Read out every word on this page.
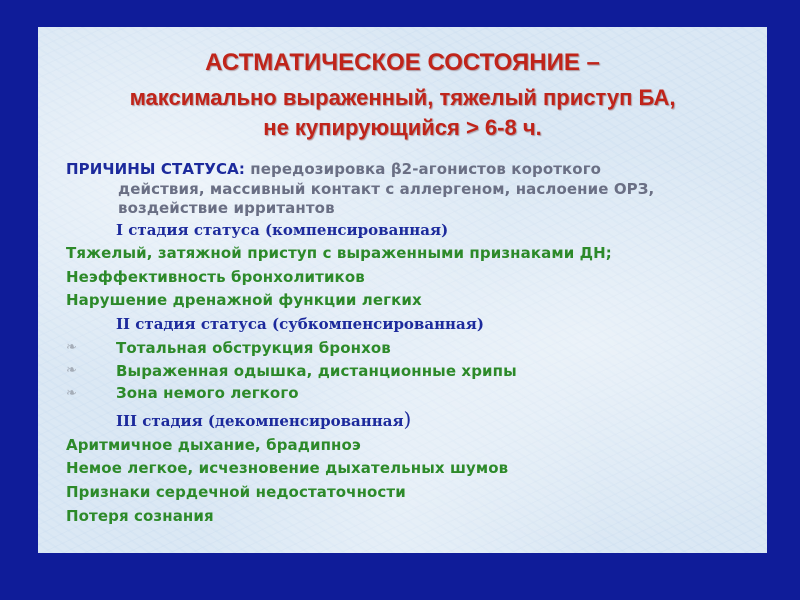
АСТМАТИЧЕСКОЕ СОСТОЯНИЕ –
максимально выраженный, тяжелый приступ БА,
не купирующийся > 6-8 ч.
ПРИЧИНЫ СТАТУСА: передозировка β2-агонистов короткого
действия, массивный контакт с аллергеном, наслоение ОРЗ,
воздействие ирритантов
I стадия статуса (компенсированная)
Тяжелый, затяжной приступ с выраженными признаками ДН;
Неэффективность бронхолитиков
Нарушение дренажной функции легких
II стадия статуса (субкомпенсированная)
❧	Тотальная обструкция бронхов
❧	Выраженная одышка, дистанционные хрипы
❧	Зона немого легкого
III стадия (декомпенсированная)
Аритмичное дыхание, брадипноэ
Немое легкое, исчезновение дыхательных шумов
Признаки сердечной недостаточности
Потеря сознания
